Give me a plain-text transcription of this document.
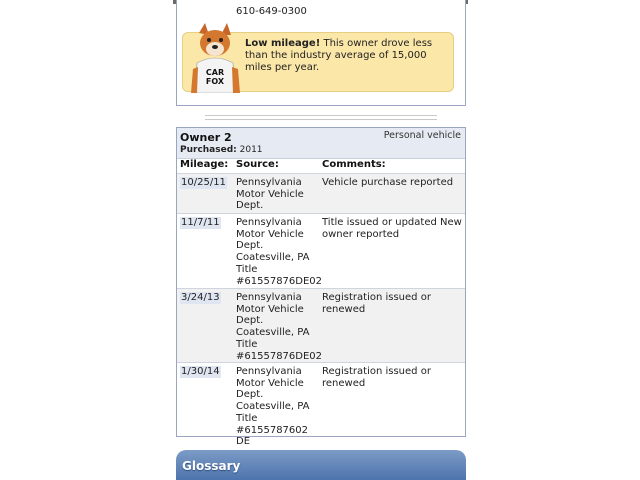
610-649-0300
CAR
FOX
Low mileage! This owner drove less than the industry average of 15,000 miles per year.
Owner 2	Personal vehicle
Purchased: 2011
Mileage: Source:	Comments:
10/25/11 Pennsylvania Motor Vehicle Dept.
Vehicle purchase reported
11/7/11 Pennsylvania Motor Vehicle Dept. Coatesville, PA Title #61557876DE02
Title issued or updated New owner reported
3/24/13 Pennsylvania Motor Vehicle Dept. Coatesville, PA Title #61557876DE02
Registration issued or renewed
1/30/14 Pennsylvania Motor Vehicle Dept. Coatesville, PA Title #6155787602 DE
Registration issued or renewed
Glossary
